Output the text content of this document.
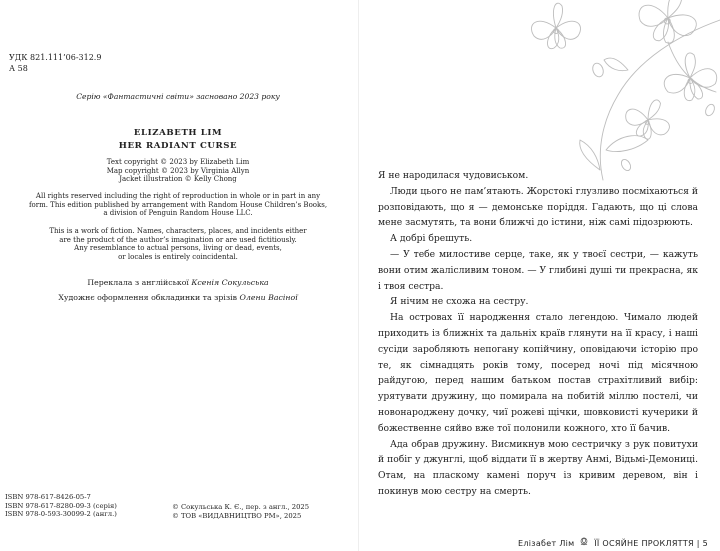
УДК 821.111’06-312.9
А 58
Серію «Фантастичні світи» засновано 2023 року
ELIZABETH LIM
HER RADIANT CURSE
Text copyright © 2023 by Elizabeth Lim
Map copyright © 2023 by Virginia Allyn
Jacket illustration © Kelly Chong
All rights reserved including the right of reproduction in whole or in part in any
form. This edition published by arrangement with Random House Children’s Books,
a division of Penguin Random House LLC.
This is a work of fiction. Names, characters, places, and incidents either
are the product of the author’s imagination or are used fictitiously.
Any resemblance to actual persons, living or dead, events,
or locales is entirely coincidental.
Переклала з англійської Ксенія Сокульська
Художнє оформлення обкладинки та зрізів Олени Васіної
ISBN 978-617-8426-05-7
ISBN 978-617-8280-09-3 (серія)
ISBN 978-0-593-30099-2 (англ.)
© Сокульська К. Є., пер. з англ., 2025
© ТОВ «ВИДАВНИЦТВО РМ», 2025

Я не народилася чудовиськом.

Люди цього не пам’ятають. Жорстокі глузливо посміхаються й розповідають, що я — демонське поріддя. Гадають, що ці слова мене засмутять, та вони ближчі до істини, ніж самі підозрюють.

А добрі брешуть.

— У тебе милостиве серце, таке, як у твоєї сестри, — кажуть вони отим жалісливим тоном. — У глибині душі ти прекрасна, як і твоя сестра.

Я нічим не схожа на сестру.

На островах її народження стало легендою. Чимало людей приходить із ближніх та дальніх країв глянути на її красу, і наші сусіди заробляють непогану копійчину, оповідаючи історію про те, як сімнадцять років тому, посеред ночі під місячною райдугою, перед нашим батьком постав страхітливий вибір: урятувати дружину, що помирала на побитій міллю постелі, чи новонароджену дочку, чиї рожеві щічки, шовковисті кучерики й божественне сяйво вже тої полонили кожного, хто її бачив.

Ада обрав дружину. Висмикнув мою сестричку з рук повитухи й побіг у джунглі, щоб віддати її в жертву Анмі, Відьмі-Демониці. Отам, на пласкому камені поруч із кривим деревом, він і покинув мою сестру на смерть.

Елізабет Лім ЇЇ ОСЯЙНЕ ПРОКЛЯТТЯ | 5
